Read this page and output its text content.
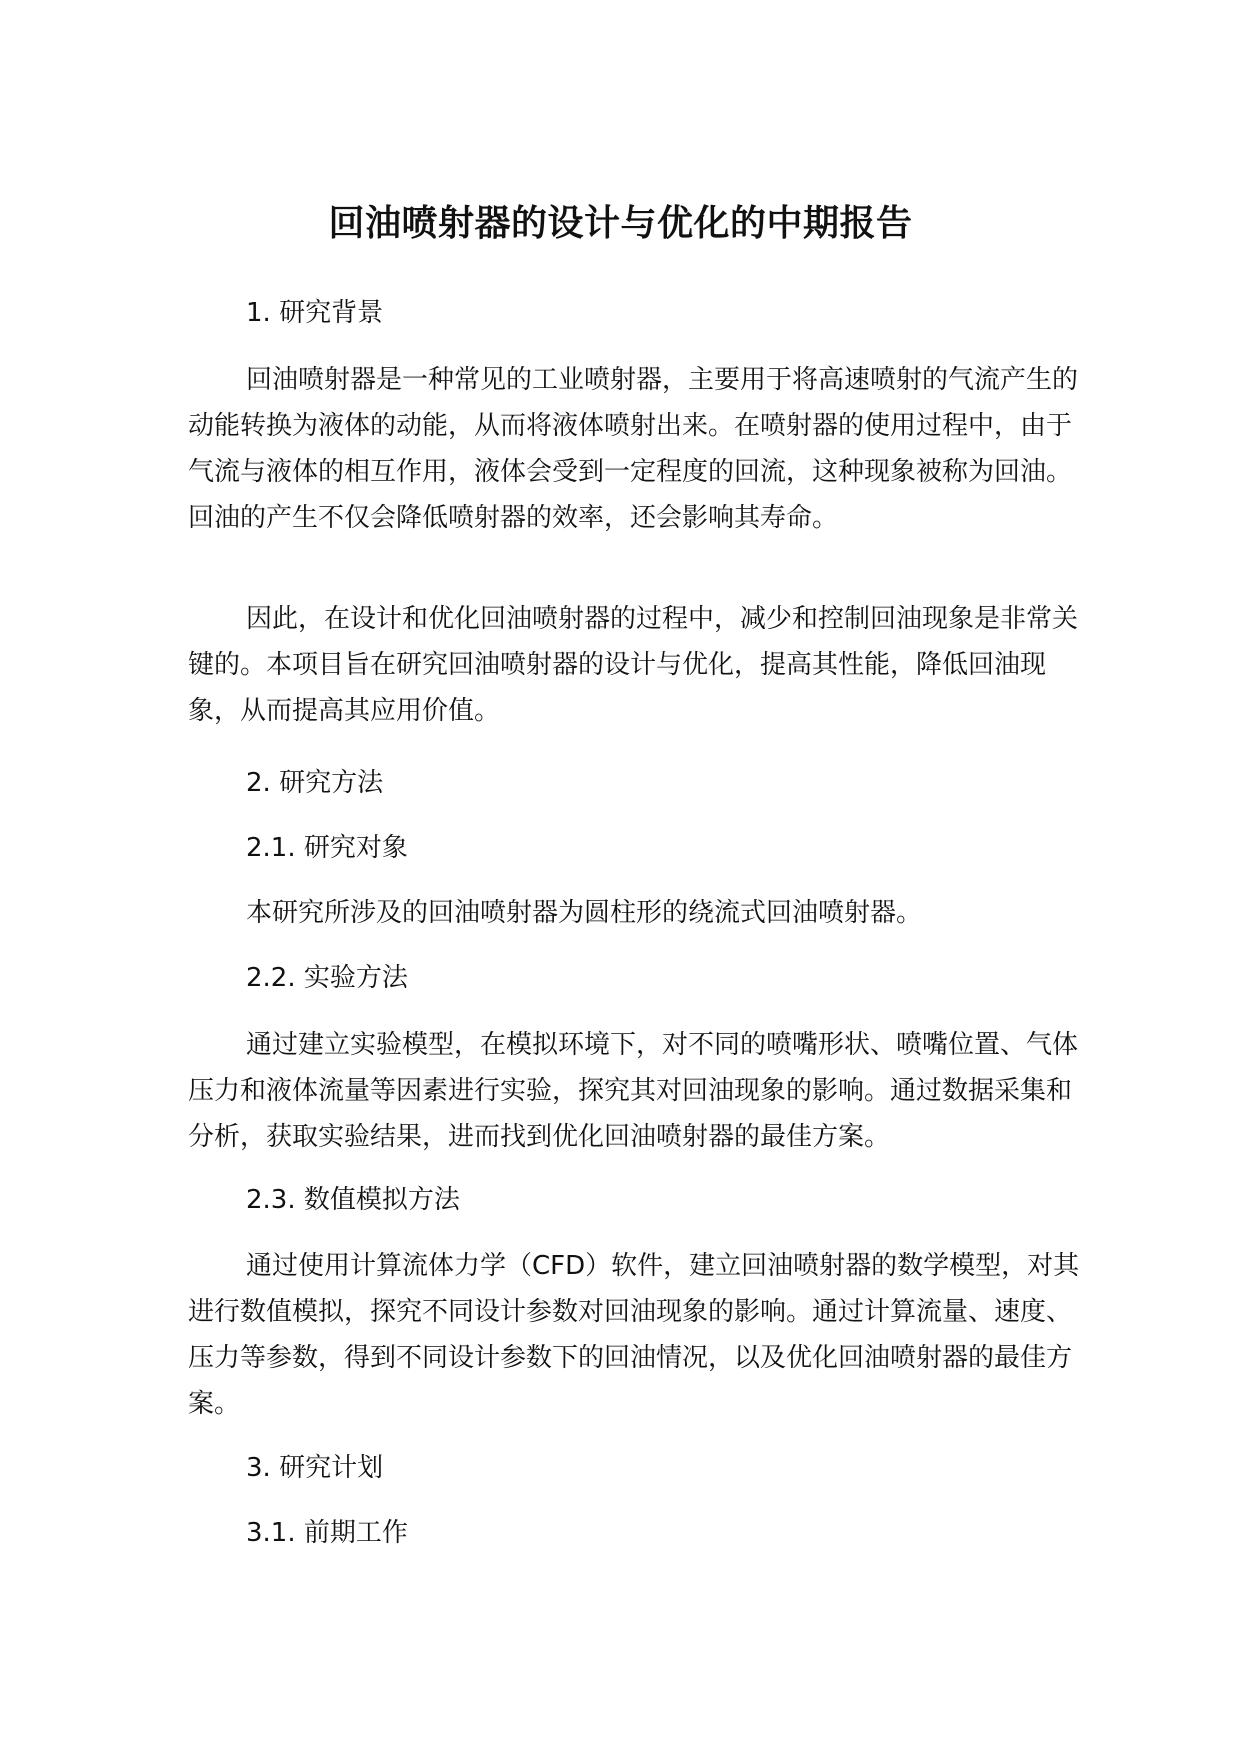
回油喷射器的设计与优化的中期报告

1. 研究背景

回油喷射器是一种常见的工业喷射器，主要用于将高速喷射的气流产生的动能转换为液体的动能，从而将液体喷射出来。在喷射器的使用过程中，由于气流与液体的相互作用，液体会受到一定程度的回流，这种现象被称为回油。回油的产生不仅会降低喷射器的效率，还会影响其寿命。

因此，在设计和优化回油喷射器的过程中，减少和控制回油现象是非常关键的。本项目旨在研究回油喷射器的设计与优化，提高其性能，降低回油现象，从而提高其应用价值。

2. 研究方法

2.1. 研究对象

本研究所涉及的回油喷射器为圆柱形的绕流式回油喷射器。

2.2. 实验方法

通过建立实验模型，在模拟环境下，对不同的喷嘴形状、喷嘴位置、气体压力和液体流量等因素进行实验，探究其对回油现象的影响。通过数据采集和分析，获取实验结果，进而找到优化回油喷射器的最佳方案。

2.3. 数值模拟方法

通过使用计算流体力学（CFD）软件，建立回油喷射器的数学模型，对其进行数值模拟，探究不同设计参数对回油现象的影响。通过计算流量、速度、压力等参数，得到不同设计参数下的回油情况，以及优化回油喷射器的最佳方案。

3. 研究计划

3.1. 前期工作
